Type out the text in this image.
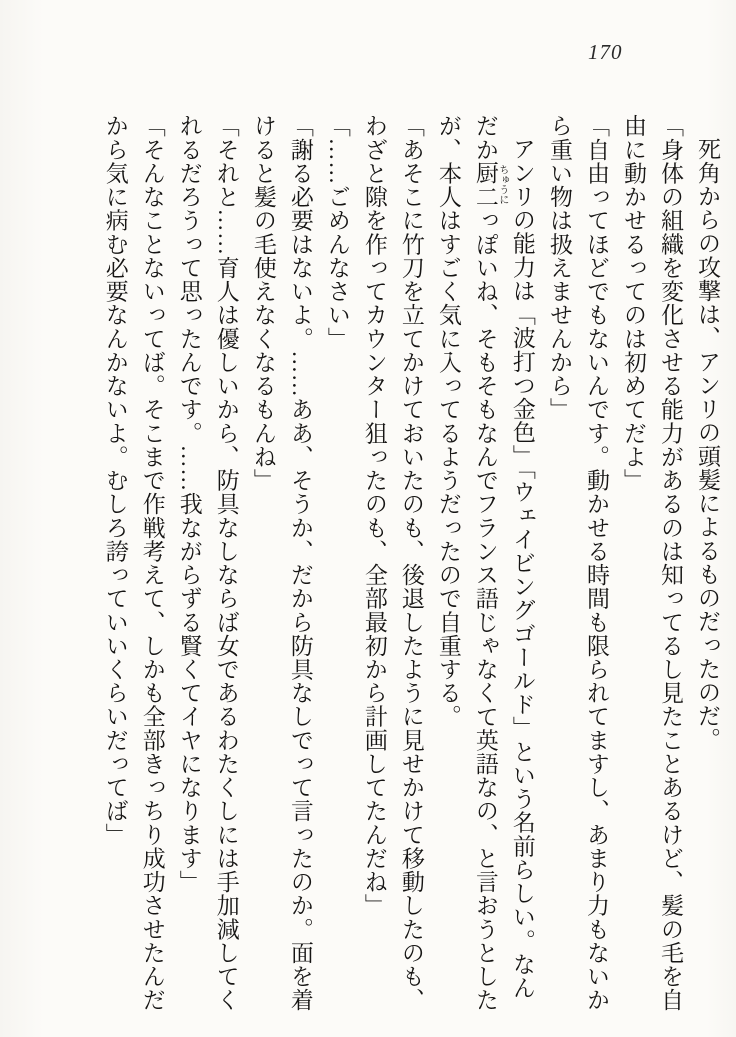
170

死角からの攻撃は、アンリの頭髪によるものだったのだ。

「身体の組織を変化させる能力があるのは知ってるし見たことあるけど、髪の毛を自由に動かせるってのは初めてだよ」

「自由ってほどでもないんです。動かせる時間も限られてますし、あまり力もないから重い物は扱えませんから」

アンリの能力は「波打つ金色」「ウェイビングゴールド」という名前らしい。なんだか厨二 ちゅうにっぽいね、そもそもなんでフランス語じゃなくて英語なの、と言おうとしたが、本人はすごく気に入ってるようだったので自重する。

「あそこに竹刀を立てかけておいたのも、後退したように見せかけて移動したのも、わざと隙を作ってカウンター狙ったのも、全部最初から計画してたんだね」

「……ごめんなさい」

「謝る必要はないよ。……ああ、そうか、だから防具なしでって言ったのか。面を着けると髪の毛使えなくなるもんね」

「それと……育人は優しいから、防具なしならば女であるわたくしには手加減してくれるだろうって思ったんです。……我ながらずる賢くてイヤになります」

「そんなことないってば。そこまで作戦考えて、しかも全部きっちり成功させたんだから気に病む必要なんかないよ。むしろ誇っていいくらいだってば」
